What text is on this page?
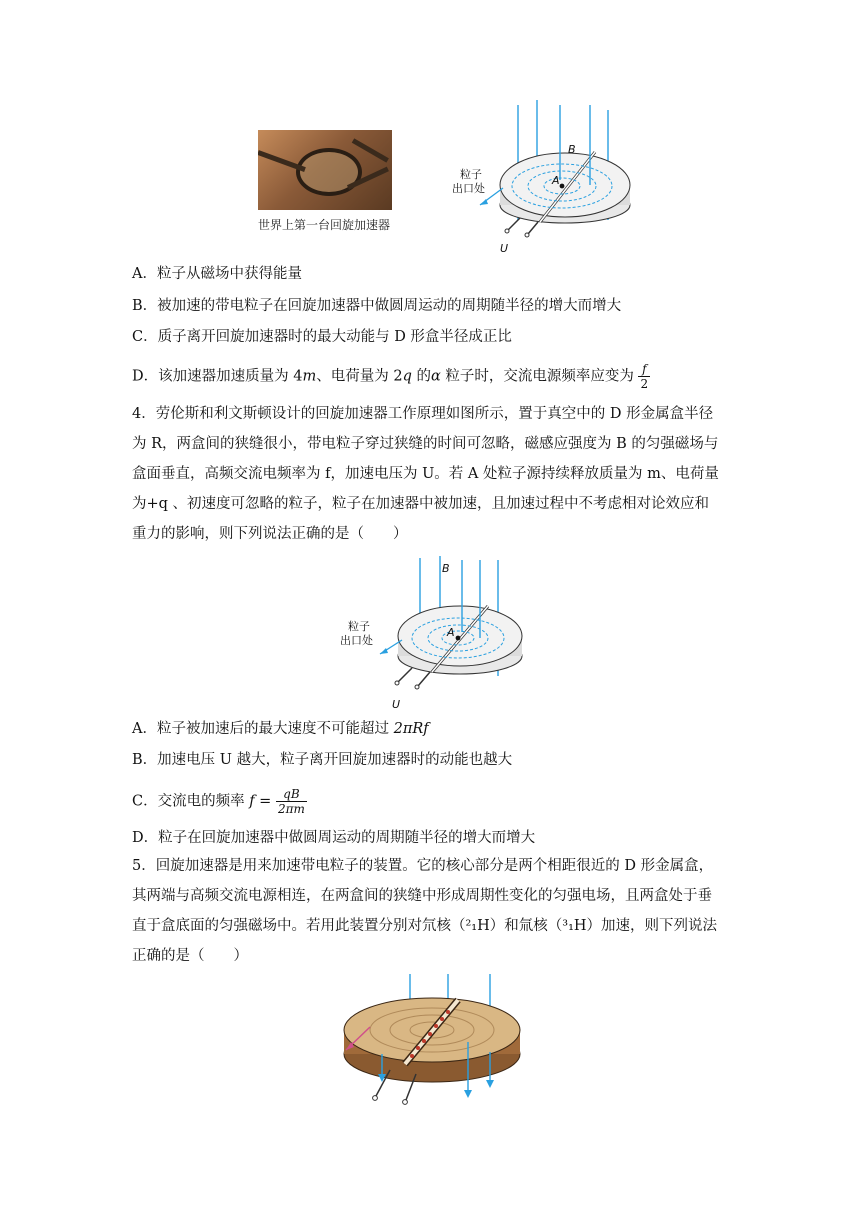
世界上第一台回旋加速器
B
A
粒子
出口处
U
A．粒子从磁场中获得能量
B．被加速的带电粒子在回旋加速器中做圆周运动的周期随半径的增大而增大
C．质子离开回旋加速器时的最大动能与 D 形盒半径成正比
D．该加速器加速质量为 4m、电荷量为 2q 的α 粒子时，交流电源频率应变为 $\frac{f}{2}$
4．劳伦斯和利文斯顿设计的回旋加速器工作原理如图所示，置于真空中的 D 形金属盒半径
为 R，两盒间的狭缝很小，带电粒子穿过狭缝的时间可忽略，磁感应强度为 B 的匀强磁场与
盒面垂直，高频交流电频率为 f，加速电压为 U。若 A 处粒子源持续释放质量为 m、电荷量
为+q 、初速度可忽略的粒子，粒子在加速器中被加速，且加速过程中不考虑相对论效应和
重力的影响，则下列说法正确的是（　　）
B
A
粒子
出口处
U
A．粒子被加速后的最大速度不可能超过 2πRf
B．加速电压 U 越大，粒子离开回旋加速器时的动能也越大
C．交流电的频率 $f = \frac{qB}{2\pi m}$
D．粒子在回旋加速器中做圆周运动的周期随半径的增大而增大
5．回旋加速器是用来加速带电粒子的装置。它的核心部分是两个相距很近的 D 形金属盒，
其两端与高频交流电源相连，在两盒间的狭缝中形成周期性变化的匀强电场，且两盒处于垂
直于盒底面的匀强磁场中。若用此装置分别对氘核（²₁H）和氚核（³₁H）加速，则下列说法
正确的是（　　）
